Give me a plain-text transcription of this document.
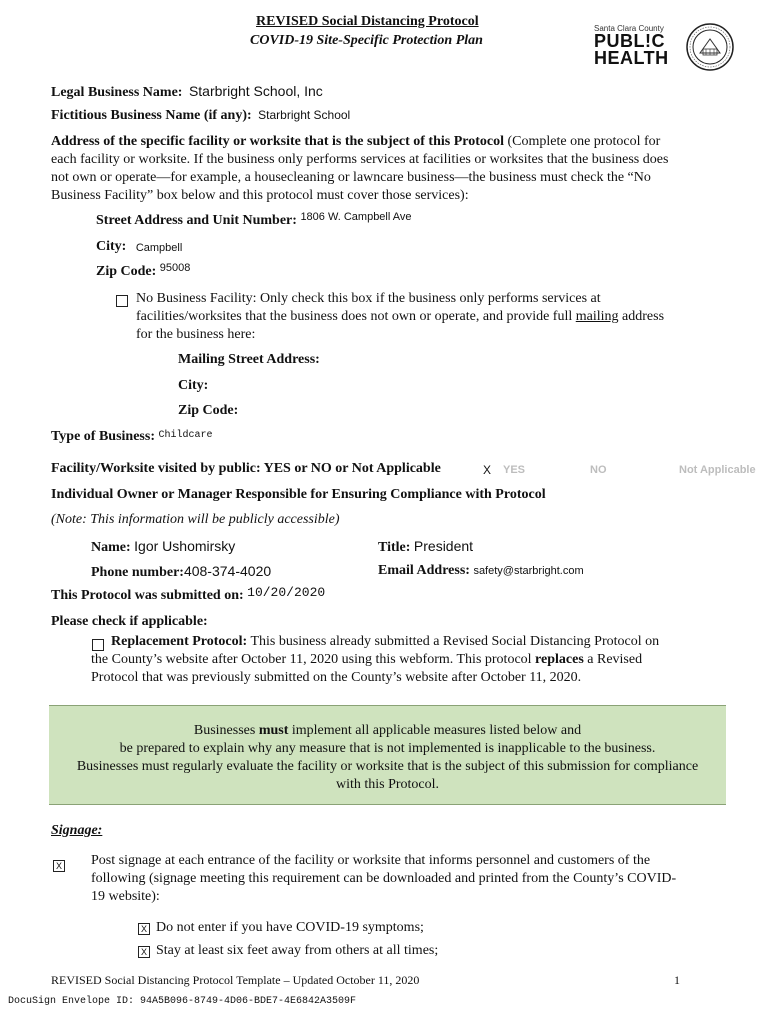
REVISED Social Distancing Protocol
COVID-19 Site-Specific Protection Plan
Santa Clara County
PUBL!C
HEALTH
Legal Business Name: Starbright School, Inc
Fictitious Business Name (if any): Starbright School
Address of the specific facility or worksite that is the subject of this Protocol (Complete one protocol for
each facility or worksite. If the business only performs services at facilities or worksites that the business does
not own or operate—for example, a housecleaning or lawncare business—the business must check the “No
Business Facility” box below and this protocol must cover those services):
Street Address and Unit Number: $^{1806 W. Campbell Ave}$
City: Campbell
Zip Code: $^{95008}$
No Business Facility: Only check this box if the business only performs services at
facilities/worksites that the business does not own or operate, and provide full mailing address
for the business here:
Mailing Street Address:
City:
Zip Code:
Type of Business: $^{Childcare}$
Facility/Worksite visited by public: YES or NO or Not Applicable	X YES	NO	Not Applicable
Individual Owner or Manager Responsible for Ensuring Compliance with Protocol
(Note: This information will be publicly accessible)
Name: Igor Ushomirsky	Title: President
Phone number:408-374-4020	Email Address: safety@starbright.com
This Protocol was submitted on: 10/20/2020
Please check if applicable:
Replacement Protocol: This business already submitted a Revised Social Distancing Protocol on
the County’s website after October 11, 2020 using this webform. This protocol replaces a Revised
Protocol that was previously submitted on the County’s website after October 11, 2020.
Businesses must implement all applicable measures listed below and
be prepared to explain why any measure that is not implemented is inapplicable to the business.
Businesses must regularly evaluate the facility or worksite that is the subject of this submission for compliance
with this Protocol.
Signage:
X	Post signage at each entrance of the facility or worksite that informs personnel and customers of the
following (signage meeting this requirement can be downloaded and printed from the County’s COVID-
19 website):
X Do not enter if you have COVID-19 symptoms;
X Stay at least six feet away from others at all times;
REVISED Social Distancing Protocol Template – Updated October 11, 2020	1
DocuSign Envelope ID: 94A5B096-8749-4D06-BDE7-4E6842A3509F
